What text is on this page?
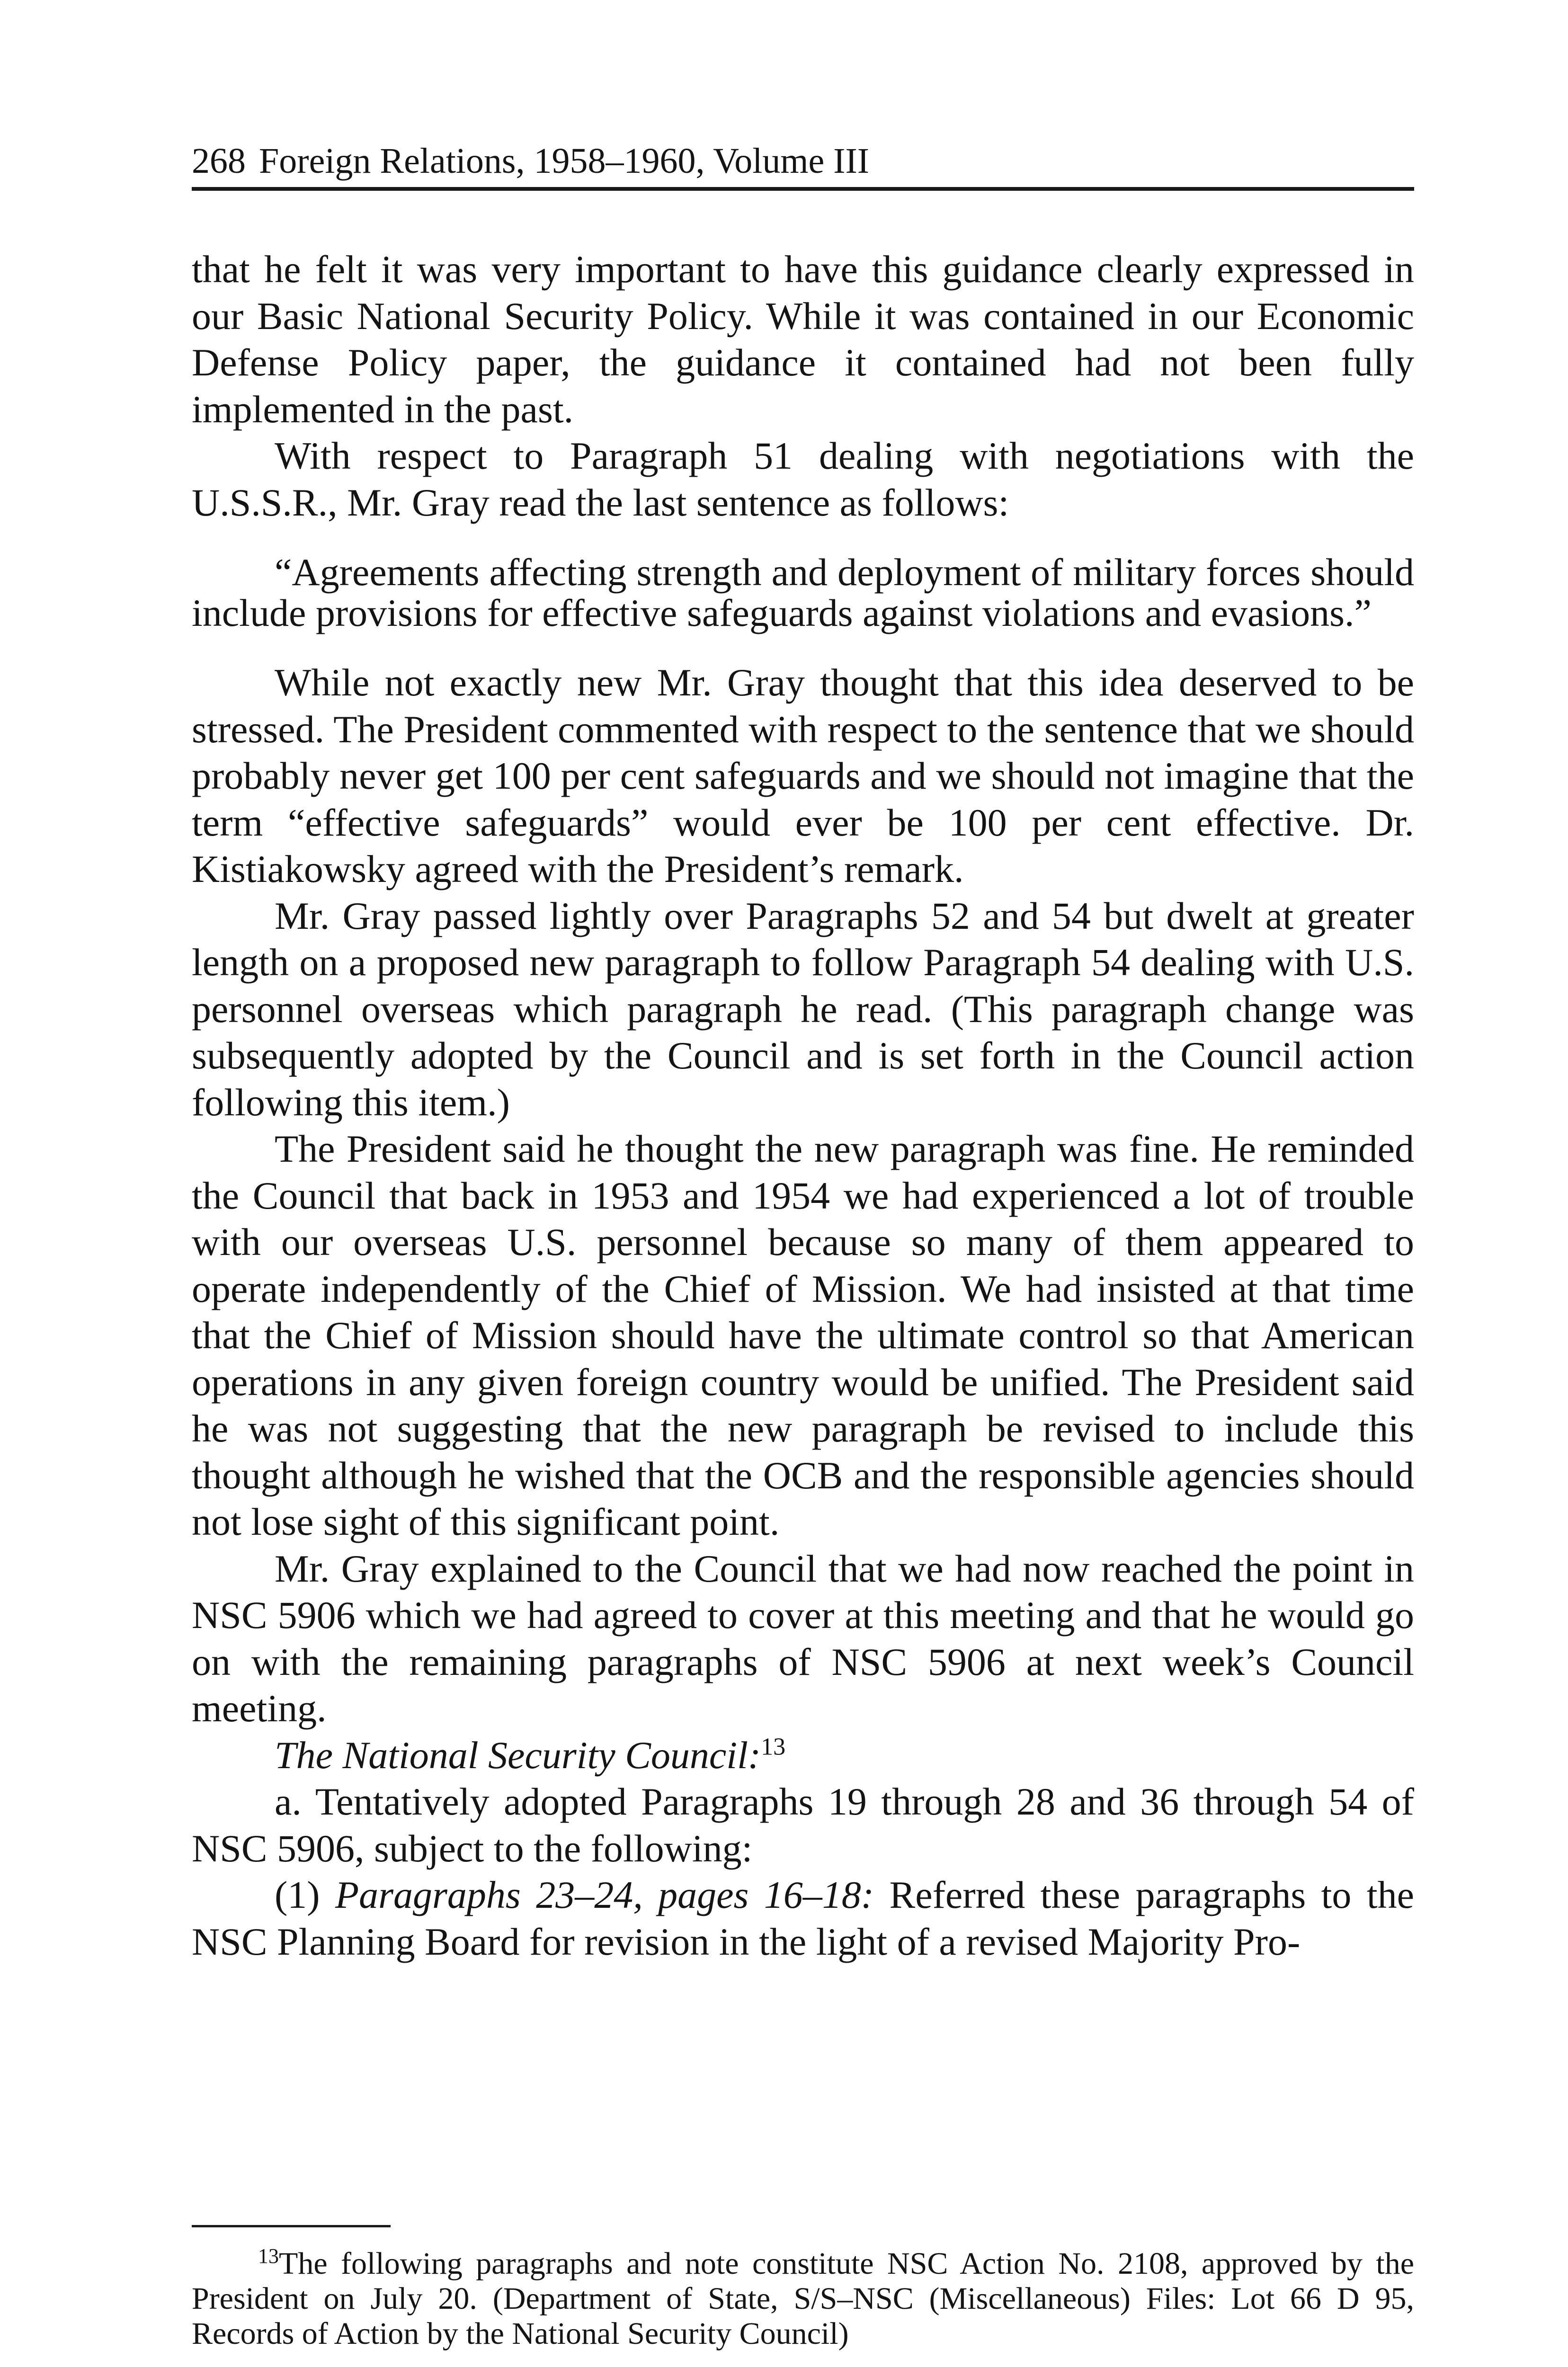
268 Foreign Relations, 1958–1960, Volume III

that he felt it was very important to have this guidance clearly expressed in our Basic National Security Policy. While it was contained in our Economic Defense Policy paper, the guidance it contained had not been fully implemented in the past.

With respect to Paragraph 51 dealing with negotiations with the U.S.S.R., Mr. Gray read the last sentence as follows:

“Agreements affecting strength and deployment of military forces should include provisions for effective safeguards against violations and evasions.”

While not exactly new Mr. Gray thought that this idea deserved to be stressed. The President commented with respect to the sentence that we should probably never get 100 per cent safeguards and we should not imagine that the term “effective safeguards” would ever be 100 per cent effective. Dr. Kistiakowsky agreed with the President’s remark.

Mr. Gray passed lightly over Paragraphs 52 and 54 but dwelt at greater length on a proposed new paragraph to follow Paragraph 54 dealing with U.S. personnel overseas which paragraph he read. (This paragraph change was subsequently adopted by the Council and is set forth in the Council action following this item.)

The President said he thought the new paragraph was fine. He reminded the Council that back in 1953 and 1954 we had experienced a lot of trouble with our overseas U.S. personnel because so many of them appeared to operate independently of the Chief of Mission. We had insisted at that time that the Chief of Mission should have the ultimate control so that American operations in any given foreign country would be unified. The President said he was not suggesting that the new paragraph be revised to include this thought although he wished that the OCB and the responsible agencies should not lose sight of this significant point.

Mr. Gray explained to the Council that we had now reached the point in NSC 5906 which we had agreed to cover at this meeting and that he would go on with the remaining paragraphs of NSC 5906 at next week’s Council meeting.

The National Security Council:$^{13}$

a. Tentatively adopted Paragraphs 19 through 28 and 36 through 54 of NSC 5906, subject to the following:

(1) Paragraphs 23–24, pages 16–18: Referred these paragraphs to the NSC Planning Board for revision in the light of a revised Majority Pro-

$^{13}$The following paragraphs and note constitute NSC Action No. 2108, approved by the President on July 20. (Department of State, S/S–NSC (Miscellaneous) Files: Lot 66 D 95, Records of Action by the National Security Council)
